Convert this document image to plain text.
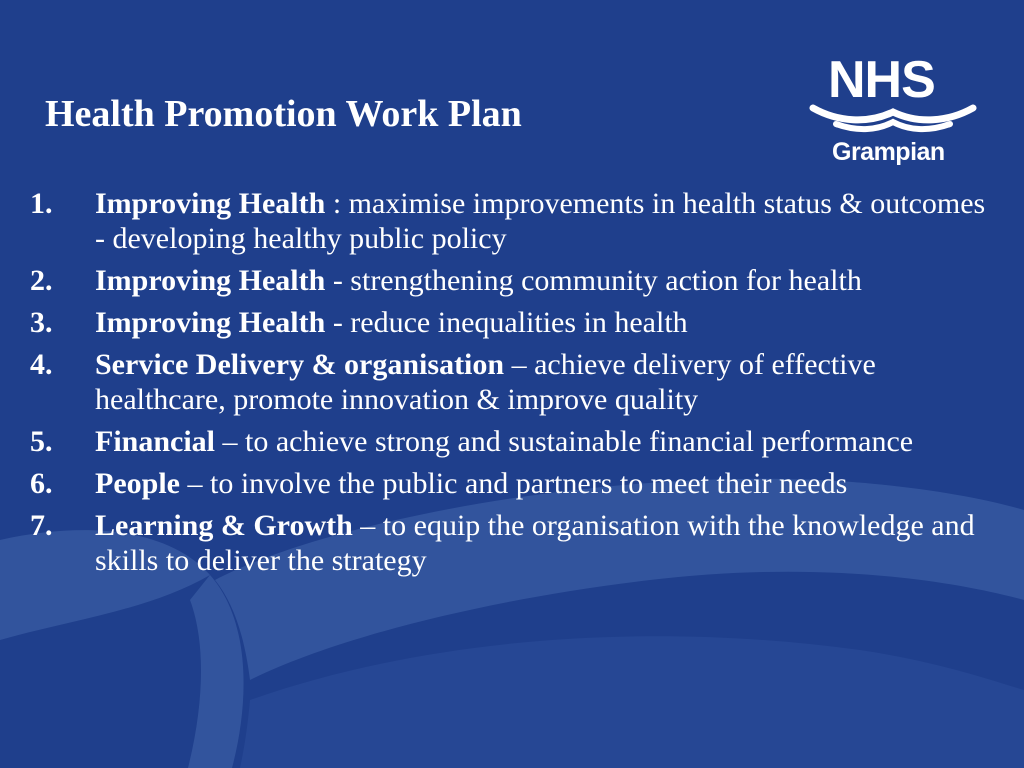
Health Promotion Work Plan
NHS
Grampian
1.	Improving Health : maximise improvements in health status & outcomes - developing healthy public policy
2.	Improving Health - strengthening community action for health
3.	Improving Health - reduce inequalities in health
4.	Service Delivery & organisation – achieve delivery of effective healthcare, promote innovation & improve quality
5.	Financial – to achieve strong and sustainable financial performance
6.	People – to involve the public and partners to meet their needs
7.	Learning & Growth – to equip the organisation with the knowledge and skills to deliver the strategy
